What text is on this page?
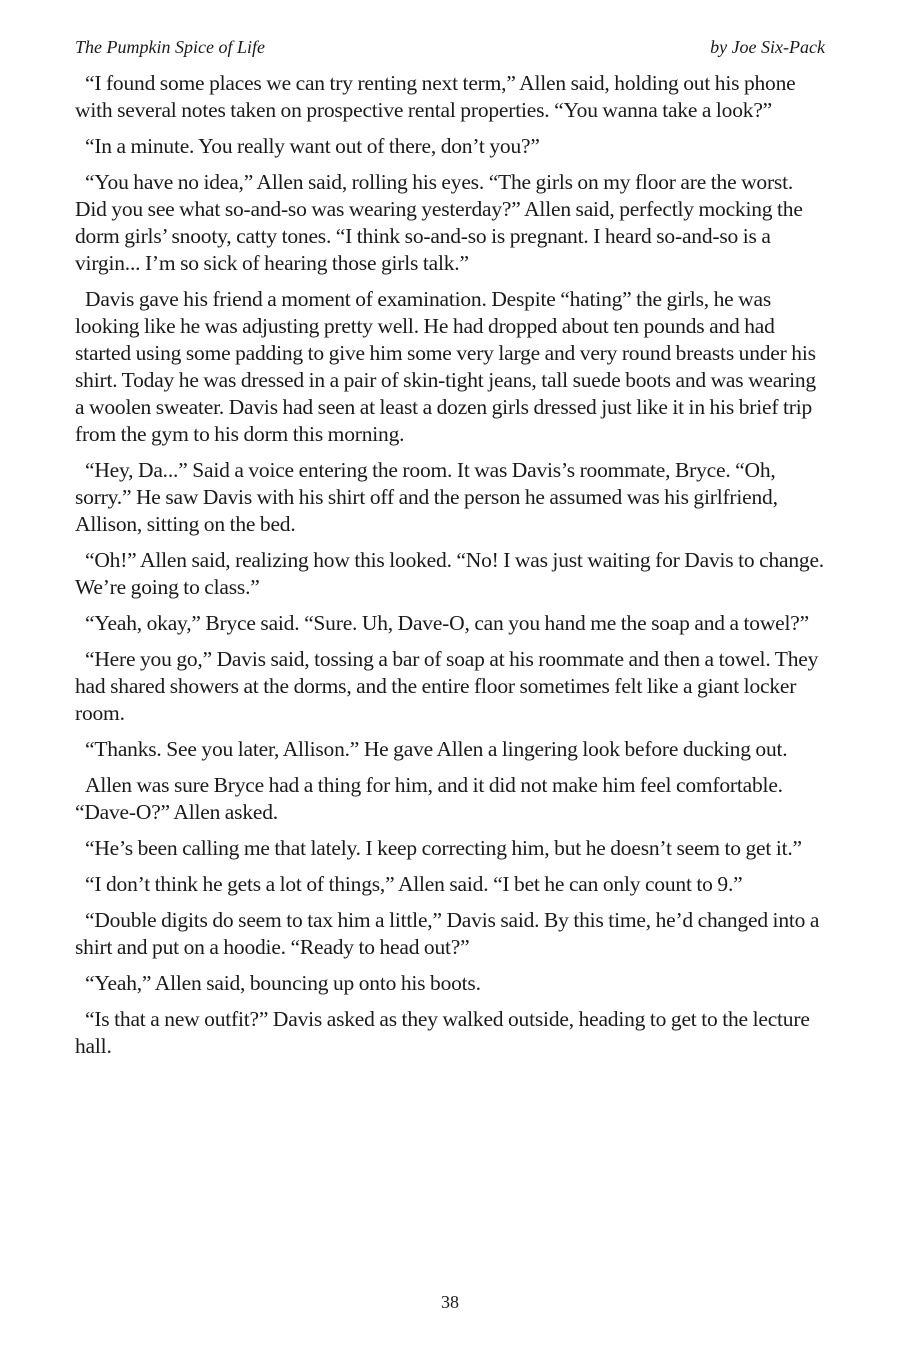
The Pumpkin Spice of Life	by Joe Six-Pack

“I found some places we can try renting next term,” Allen said, holding out his phone with several notes taken on prospective rental properties. “You wanna take a look?”

“In a minute. You really want out of there, don’t you?”

“You have no idea,” Allen said, rolling his eyes. “The girls on my floor are the worst. Did you see what so-and-so was wearing yesterday?” Allen said, perfectly mocking the dorm girls’ snooty, catty tones. “I think so-and-so is pregnant. I heard so-and-so is a virgin... I’m so sick of hearing those girls talk.”

Davis gave his friend a moment of examination. Despite “hating” the girls, he was looking like he was adjusting pretty well. He had dropped about ten pounds and had started using some padding to give him some very large and very round breasts under his shirt. Today he was dressed in a pair of skin-tight jeans, tall suede boots and was wearing a woolen sweater. Davis had seen at least a dozen girls dressed just like it in his brief trip from the gym to his dorm this morning.

“Hey, Da...” Said a voice entering the room. It was Davis’s roommate, Bryce. “Oh, sorry.” He saw Davis with his shirt off and the person he assumed was his girlfriend, Allison, sitting on the bed.

“Oh!” Allen said, realizing how this looked. “No! I was just waiting for Davis to change. We’re going to class.”

“Yeah, okay,” Bryce said. “Sure. Uh, Dave-O, can you hand me the soap and a towel?”

“Here you go,” Davis said, tossing a bar of soap at his roommate and then a towel. They had shared showers at the dorms, and the entire floor sometimes felt like a giant locker room.

“Thanks. See you later, Allison.” He gave Allen a lingering look before ducking out.

Allen was sure Bryce had a thing for him, and it did not make him feel comfortable. “Dave-O?” Allen asked.

“He’s been calling me that lately. I keep correcting him, but he doesn’t seem to get it.”

“I don’t think he gets a lot of things,” Allen said. “I bet he can only count to 9.”

“Double digits do seem to tax him a little,” Davis said. By this time, he’d changed into a shirt and put on a hoodie. “Ready to head out?”

“Yeah,” Allen said, bouncing up onto his boots.

“Is that a new outfit?” Davis asked as they walked outside, heading to get to the lecture hall.

38
